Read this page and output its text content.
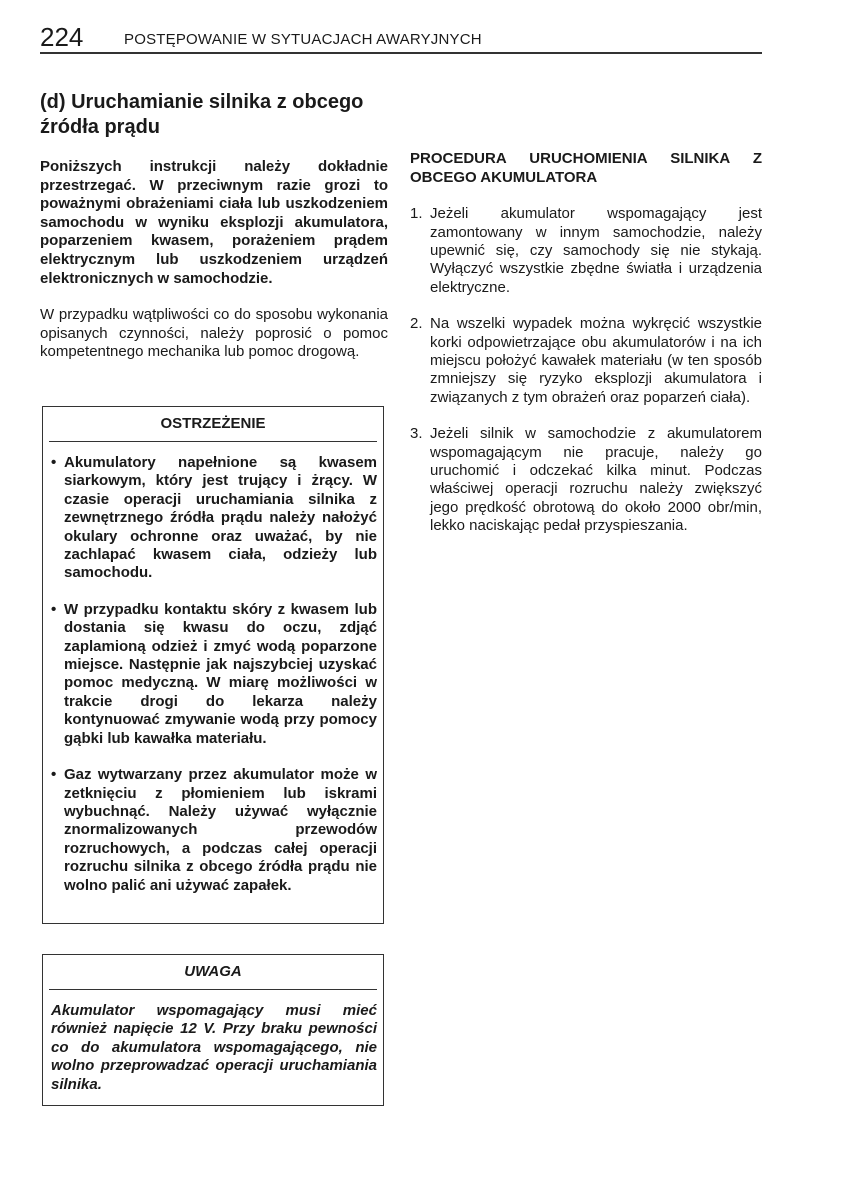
224	POSTĘPOWANIE W SYTUACJACH AWARYJNYCH
(d) Uruchamianie silnika z obcego źródła prądu

Poniższych instrukcji należy dokładnie przestrzegać. W przeciwnym razie grozi to poważnymi obrażeniami ciała lub uszkodzeniem samochodu w wyniku eksplozji akumulatora, poparzeniem kwasem, porażeniem prądem elektrycznym lub uszkodzeniem urządzeń elektronicznych w samochodzie.

W przypadku wątpliwości co do sposobu wykonania opisanych czynności, należy poprosić o pomoc kompetentnego mechanika lub pomoc drogową.

OSTRZEŻENIE
• Akumulatory napełnione są kwasem siarkowym, który jest trujący i żrący. W czasie operacji uruchamiania silnika z zewnętrznego źródła prądu należy nałożyć okulary ochronne oraz uważać, by nie zachlapać kwasem ciała, odzieży lub samochodu.
• W przypadku kontaktu skóry z kwasem lub dostania się kwasu do oczu, zdjąć zaplamioną odzież i zmyć wodą poparzone miejsce. Następnie jak najszybciej uzyskać pomoc medyczną. W miarę możliwości w trakcie drogi do lekarza należy kontynuować zmywanie wodą przy pomocy gąbki lub kawałka materiału.
• Gaz wytwarzany przez akumulator może w zetknięciu z płomieniem lub iskrami wybuchnąć. Należy używać wyłącznie znormalizowanych przewodów rozruchowych, a podczas całej operacji rozruchu silnika z obcego źródła prądu nie wolno palić ani używać zapałek.
UWAGA

Akumulator wspomagający musi mieć również napięcie 12 V. Przy braku pewności co do akumulatora wspomagającego, nie wolno przeprowadzać operacji uruchamiania silnika.

PROCEDURA URUCHOMIENIA SILNIKA Z OBCEGO AKUMULATORA

1. Jeżeli akumulator wspomagający jest zamontowany w innym samochodzie, należy upewnić się, czy samochody się nie stykają. Wyłączyć wszystkie zbędne światła i urządzenia elektryczne.
2. Na wszelki wypadek można wykręcić wszystkie korki odpowietrzające obu akumulatorów i na ich miejscu położyć kawałek materiału (w ten sposób zmniejszy się ryzyko eksplozji akumulatora i związanych z tym obrażeń oraz poparzeń ciała).
3. Jeżeli silnik w samochodzie z akumulatorem wspomagającym nie pracuje, należy go uruchomić i odczekać kilka minut. Podczas właściwej operacji rozruchu należy zwiększyć jego prędkość obrotową do około 2000 obr/min, lekko naciskając pedał przyspieszania.
